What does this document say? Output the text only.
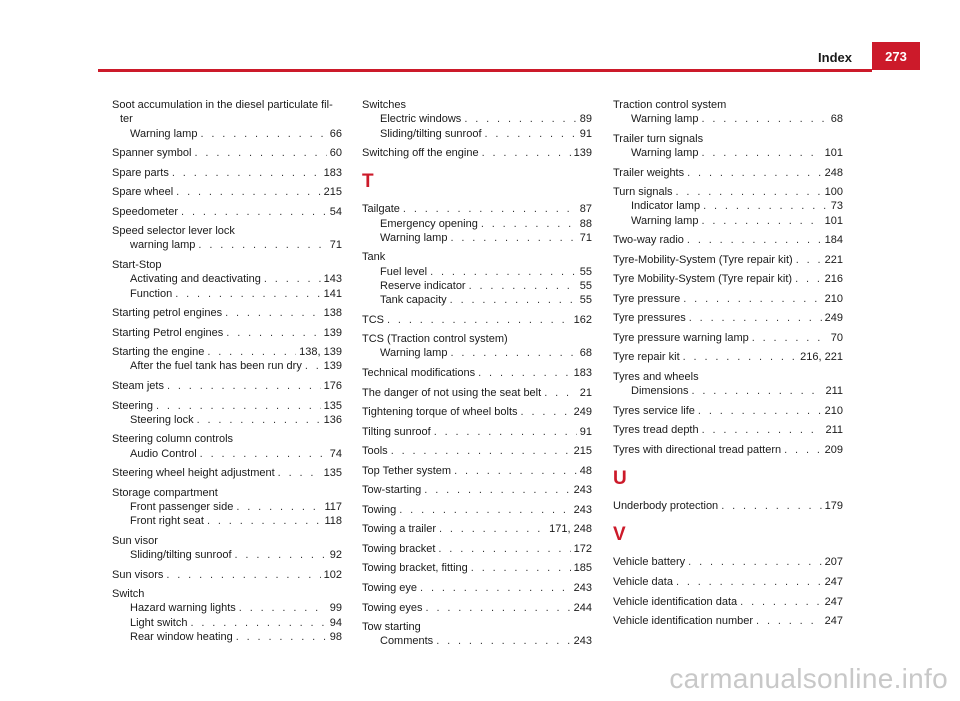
Index	273
Soot accumulation in the diesel particulate fil-
ter
Warning lamp . . .	66
Spanner symbol . . .	60
Spare parts . . .	183
Spare wheel . . .	215
Speedometer . . .	54
Speed selector lever lock
warning lamp . . .	71
Start-Stop
Activating and deactivating . . .	143
Function . . .	141
Starting petrol engines . . .	138
Starting Petrol engines . . .	139
Starting the engine . . .	138, 139
After the fuel tank has been run dry . . . 139
Steam jets . . .	176
Steering . . .	135
Steering lock . . .	136
Steering column controls
Audio Control . . .	74
Steering wheel height adjustment . . .	135
Storage compartment
Front passenger side . . .	117
Front right seat . . .	118
Sun visor
Sliding/tilting sunroof . . .	92
Sun visors . . .	102
Switch
Hazard warning lights . . .	99
Light switch . . .	94
Rear window heating . . .	98
Switches
Electric windows . . .	89
Sliding/tilting sunroof . . .	91
Switching off the engine . . .	139
T
Tailgate . . .	87
Emergency opening . . .	88
Warning lamp . . .	71
Tank
Fuel level . . .	55
Reserve indicator . . .	55
Tank capacity . . .	55
TCS . . .	162
TCS (Traction control system)
Warning lamp . . .	68
Technical modifications . . .	183
The danger of not using the seat belt . . .	21
Tightening torque of wheel bolts . . .	249
Tilting sunroof . . .	91
Tools . . .	215
Top Tether system . . .	48
Tow-starting . . .	243
Towing . . .	243
Towing a trailer . . .	171, 248
Towing bracket . . .	172
Towing bracket, fitting . . .	185
Towing eye . . .	243
Towing eyes . . .	244
Tow starting
Comments . . .	243
Traction control system
Warning lamp . . .	68
Trailer turn signals
Warning lamp . . .	101
Trailer weights . . .	248
Turn signals . . .	100
Indicator lamp . . .	73
Warning lamp . . .	101
Two-way radio . . .	184
Tyre-Mobility-System (Tyre repair kit) . . .	221
Tyre Mobility-System (Tyre repair kit) . . .	216
Tyre pressure . . .	210
Tyre pressures . . .	249
Tyre pressure warning lamp . . .	70
Tyre repair kit . . .	216, 221
Tyres and wheels
Dimensions . . .	211
Tyres service life . . .	210
Tyres tread depth . . .	211
Tyres with directional tread pattern . . .	209
U
Underbody protection . . .	179
V
Vehicle battery . . .	207
Vehicle data . . .	247
Vehicle identification data . . .	247
Vehicle identification number . . .	247
carmanualsonline.info
